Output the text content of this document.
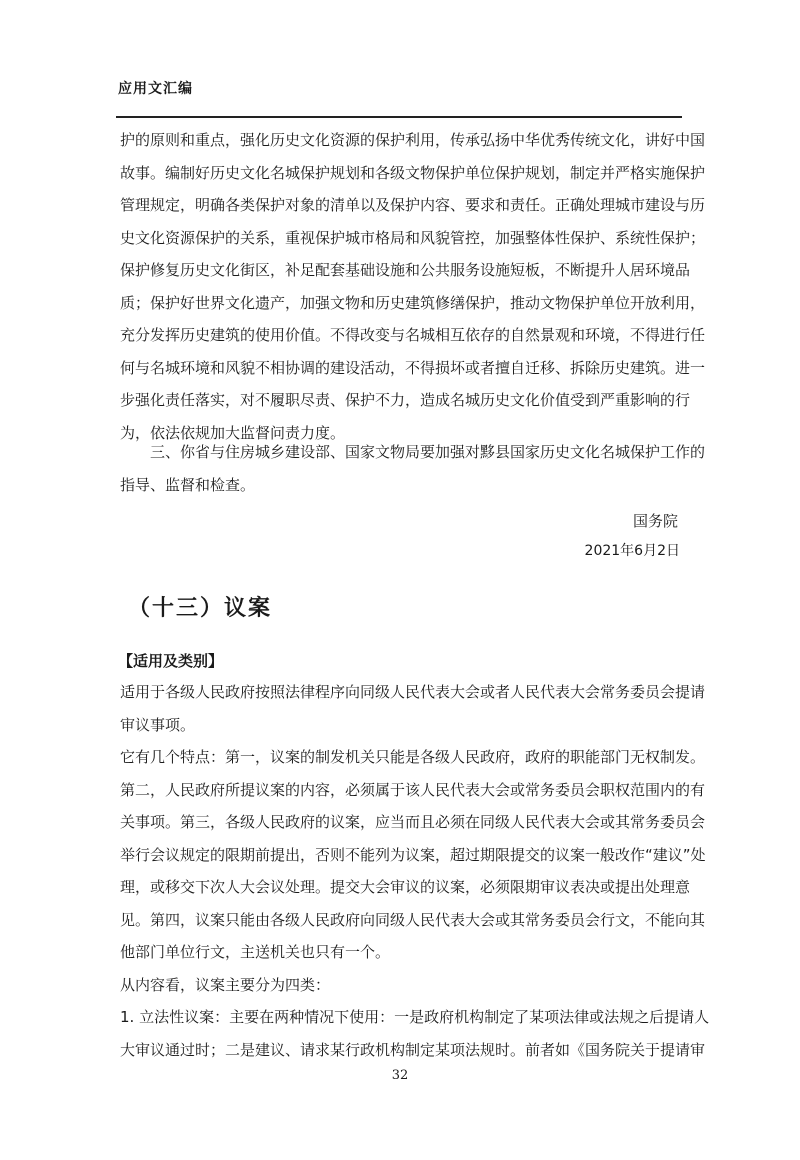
应用文汇编
护的原则和重点，强化历史文化资源的保护利用，传承弘扬中华优秀传统文化，讲好中国
故事。编制好历史文化名城保护规划和各级文物保护单位保护规划，制定并严格实施保护
管理规定，明确各类保护对象的清单以及保护内容、要求和责任。正确处理城市建设与历
史文化资源保护的关系，重视保护城市格局和风貌管控，加强整体性保护、系统性保护；
保护修复历史文化街区，补足配套基础设施和公共服务设施短板，不断提升人居环境品
质；保护好世界文化遗产，加强文物和历史建筑修缮保护，推动文物保护单位开放利用，
充分发挥历史建筑的使用价值。不得改变与名城相互依存的自然景观和环境，不得进行任
何与名城环境和风貌不相协调的建设活动，不得损坏或者擅自迁移、拆除历史建筑。进一
步强化责任落实，对不履职尽责、保护不力，造成名城历史文化价值受到严重影响的行
为，依法依规加大监督问责力度。
三、你省与住房城乡建设部、国家文物局要加强对黟县国家历史文化名城保护工作的
指导、监督和检查。
国务院
2021年6月2日
（十三）议案
【适用及类别】
适用于各级人民政府按照法律程序向同级人民代表大会或者人民代表大会常务委员会提请
审议事项。
它有几个特点：第一，议案的制发机关只能是各级人民政府，政府的职能部门无权制发。
第二，人民政府所提议案的内容，必须属于该人民代表大会或常务委员会职权范围内的有
关事项。第三，各级人民政府的议案，应当而且必须在同级人民代表大会或其常务委员会
举行会议规定的限期前提出，否则不能列为议案，超过期限提交的议案一般改作“建议”处
理，或移交下次人大会议处理。提交大会审议的议案，必须限期审议表决或提出处理意
见。第四，议案只能由各级人民政府向同级人民代表大会或其常务委员会行文，不能向其
他部门单位行文，主送机关也只有一个。
从内容看，议案主要分为四类：
1. 立法性议案：主要在两种情况下使用：一是政府机构制定了某项法律或法规之后提请人
大审议通过时；二是建议、请求某行政机构制定某项法规时。前者如《国务院关于提请审
32
